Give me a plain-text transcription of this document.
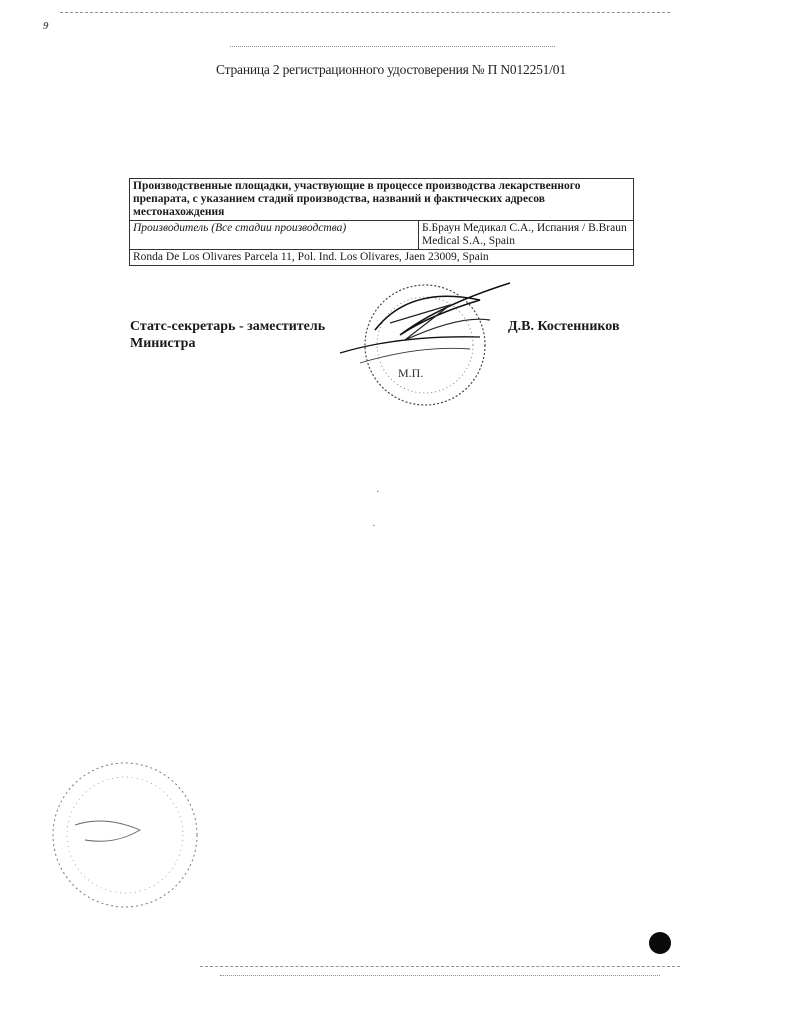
9
Страница 2 регистрационного удостоверения № П N012251/01
Производственные площадки, участвующие в процессе производства лекарственного препарата, с указанием стадий производства, названий и фактических адресов местонахождения
Производитель (Все стадии производства)	Б.Браун Медикал С.А., Испания / B.Braun Medical S.A., Spain
Ronda De Los Olivares Parcela 11, Pol. Ind. Los Olivares, Jaen 23009, Spain
Статс-секретарь - заместитель Министра
Д.В. Костенников
М.П.
·
·
